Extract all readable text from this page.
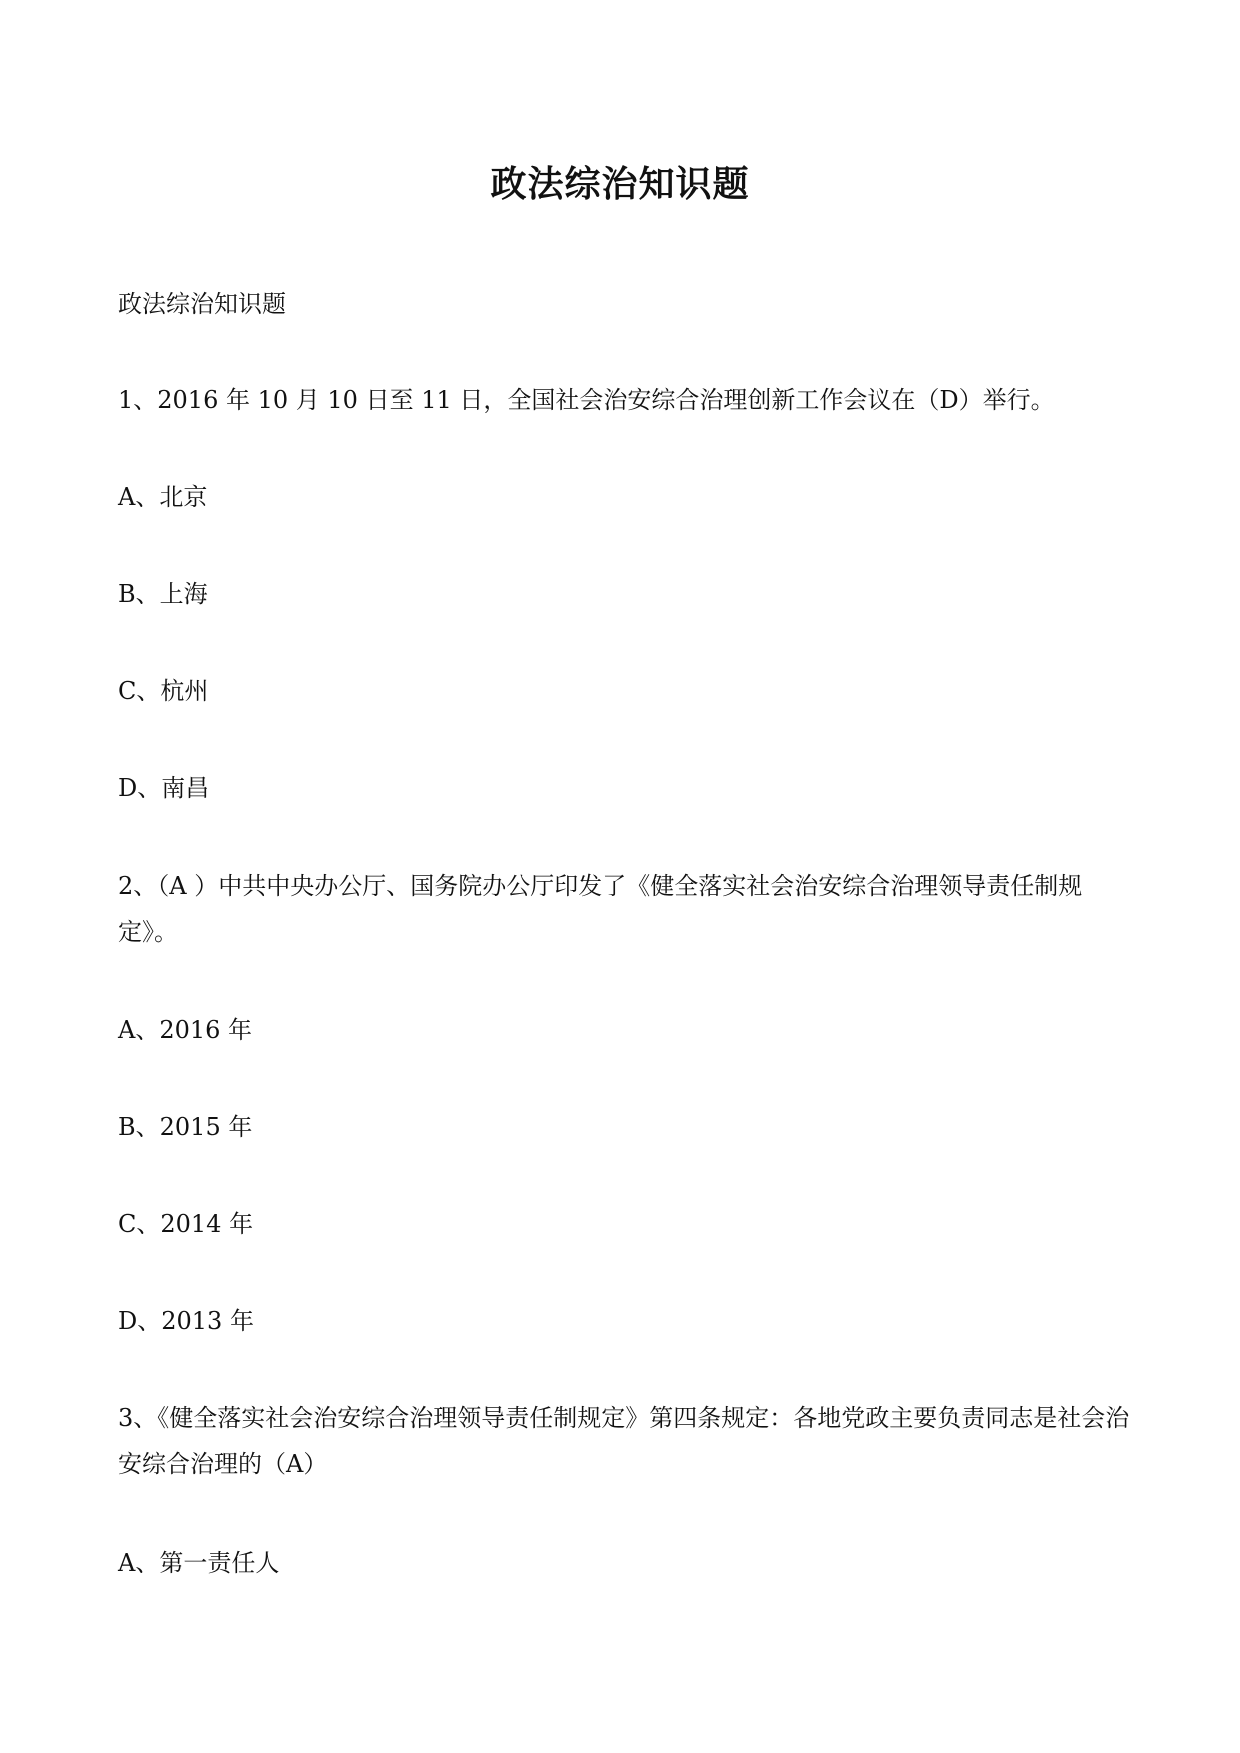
政法综治知识题
政法综治知识题
1、2016 年 10 月 10 日至 11 日，全国社会治安综合治理创新工作会议在（D）举行。
A、北京
B、上海
C、杭州
D、南昌
2、（A ）中共中央办公厅、国务院办公厅印发了《健全落实社会治安综合治理领导责任制规定》。
A、2016 年
B、2015 年
C、2014 年
D、2013 年
3、《健全落实社会治安综合治理领导责任制规定》第四条规定：各地党政主要负责同志是社会治安综合治理的（A）
A、第一责任人
